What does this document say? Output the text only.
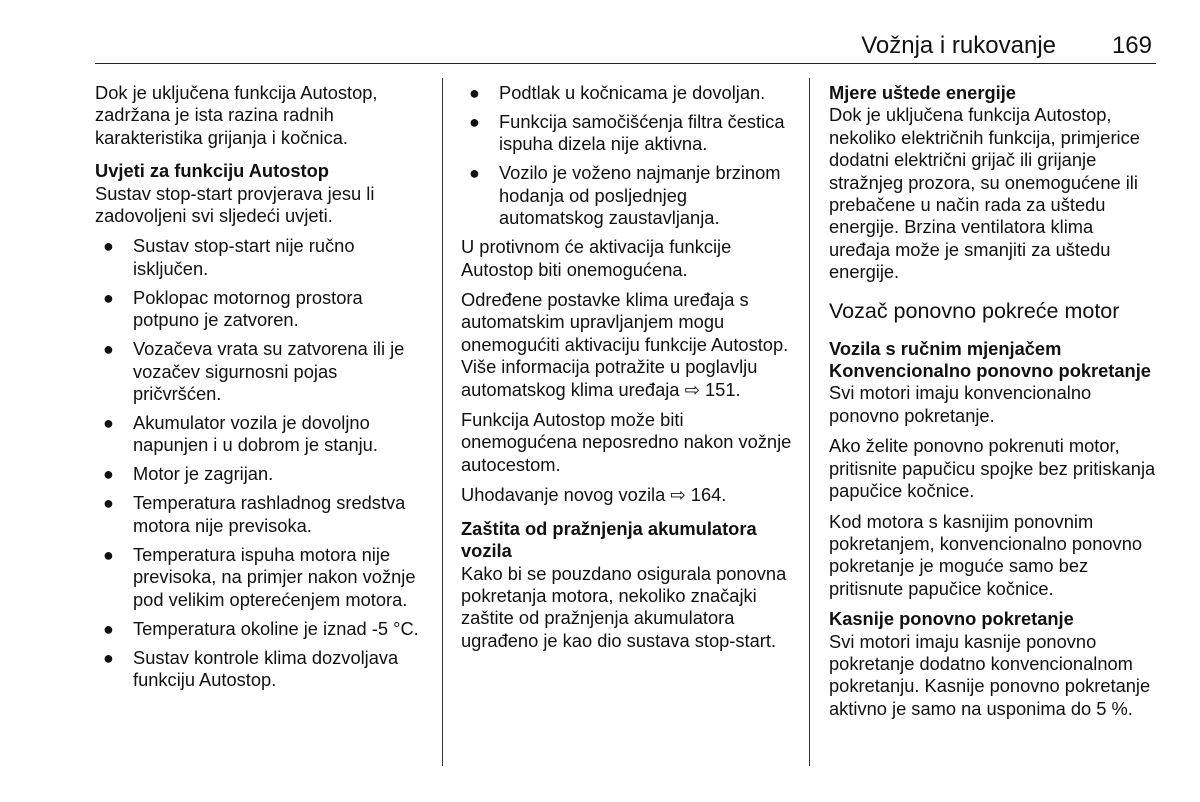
Vožnja i rukovanje 169

Dok je uključena funkcija Autostop, zadržana je ista razina radnih karakteristika grijanja i kočnica.

Uvjeti za funkciju Autostop

Sustav stop-start provjerava jesu li zadovoljeni svi sljedeći uvjeti.

● Sustav stop-start nije ručno isključen.
● Poklopac motornog prostora potpuno je zatvoren.
● Vozačeva vrata su zatvorena ili je vozačev sigurnosni pojas pričvršćen.
● Akumulator vozila je dovoljno napunjen i u dobrom je stanju.
● Motor je zagrijan.
● Temperatura rashladnog sredstva motora nije previsoka.
● Temperatura ispuha motora nije previsoka, na primjer nakon vožnje pod velikim opterećenjem motora.
● Temperatura okoline je iznad -5 °C.
● Sustav kontrole klima dozvoljava funkciju Autostop.
● Podtlak u kočnicama je dovoljan.
● Funkcija samočišćenja filtra čestica ispuha dizela nije aktivna.
● Vozilo je voženo najmanje brzinom hodanja od posljednjeg automatskog zaustavljanja.

U protivnom će aktivacija funkcije Autostop biti onemogućena.

Određene postavke klima uređaja s automatskim upravljanjem mogu onemogućiti aktivaciju funkcije Autostop. Više informacija potražite u poglavlju automatskog klima uređaja ⇨ 151.

Funkcija Autostop može biti onemogućena neposredno nakon vožnje autocestom.

Uhodavanje novog vozila ⇨ 164.

Zaštita od pražnjenja akumulatora vozila

Kako bi se pouzdano osigurala ponovna pokretanja motora, nekoliko značajki zaštite od pražnjenja akumulatora ugrađeno je kao dio sustava stop-start.

Mjere uštede energije

Dok je uključena funkcija Autostop, nekoliko električnih funkcija, primjerice dodatni električni grijač ili grijanje stražnjeg prozora, su onemogućene ili prebačene u način rada za uštedu energije. Brzina ventilatora klima uređaja može je smanjiti za uštedu energije.

Vozač ponovno pokreće motor
Vozila s ručnim mjenjačem
Konvencionalno ponovno pokretanje

Svi motori imaju konvencionalno ponovno pokretanje.

Ako želite ponovno pokrenuti motor, pritisnite papučicu spojke bez pritiskanja papučice kočnice.

Kod motora s kasnijim ponovnim pokretanjem, konvencionalno ponovno pokretanje je moguće samo bez pritisnute papučice kočnice.

Kasnije ponovno pokretanje

Svi motori imaju kasnije ponovno pokretanje dodatno konvencionalnom pokretanju. Kasnije ponovno pokretanje aktivno je samo na usponima do 5 %.
